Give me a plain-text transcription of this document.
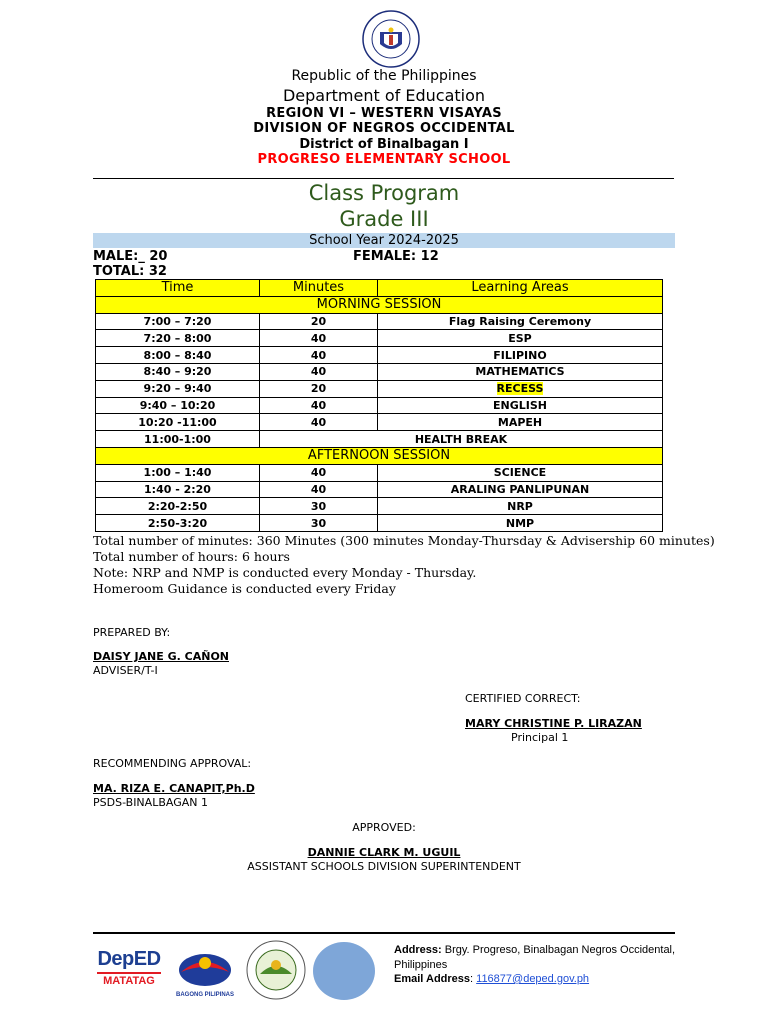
Republic of the Philippines
Department of Education
REGION VI – WESTERN VISAYAS
DIVISION OF NEGROS OCCIDENTAL
District of Binalbagan I
PROGRESO ELEMENTARY SCHOOL
Class Program
Grade III
School Year 2024-2025
MALE:_ 20	FEMALE: 12
TOTAL: 32
Time	Minutes	Learning Areas
MORNING SESSION		
7:00 – 7:20	20	Flag Raising Ceremony
7:20 – 8:00	40	ESP
8:00 – 8:40	40	FILIPINO
8:40 – 9:20	40	MATHEMATICS
9:20 – 9:40	20	RECESS
9:40 – 10:20	40	ENGLISH
10:20 -11:00	40	MAPEH
11:00-1:00	HEALTH BREAK	
AFTERNOON SESSION		
1:00 – 1:40	40	SCIENCE
1:40 - 2:20	40	ARALING PANLIPUNAN
2:20-2:50	30	NRP
2:50-3:20	30	NMP
Total number of minutes: 360 Minutes (300 minutes Monday-Thursday & Advisership 60 minutes)
Total number of hours: 6 hours
Note: NRP and NMP is conducted every Monday - Thursday.
Homeroom Guidance is conducted every Friday
PREPARED BY:
DAISY JANE G. CAÑON
ADVISER/T-I
CERTIFIED CORRECT:
MARY CHRISTINE P. LIRAZAN
Principal 1
RECOMMENDING APPROVAL:
MA. RIZA E. CANAPIT,Ph.D
PSDS-BINALBAGAN 1
APPROVED:
DANNIE CLARK M. UGUIL
ASSISTANT SCHOOLS DIVISION SUPERINTENDENT
DepED
MATATAG
BAGONG PILIPINAS
Address: Brgy. Progreso, Binalbagan Negros Occidental,
Philippines
Email Address: 116877@deped.gov.ph
